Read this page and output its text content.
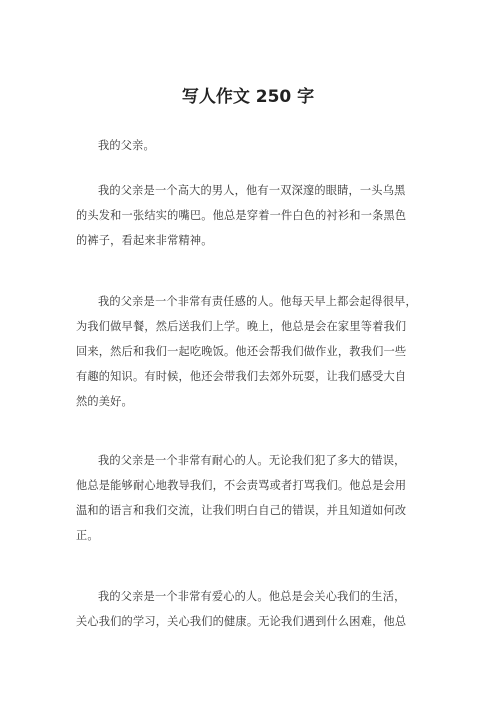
写人作文 250 字
我的父亲。
我的父亲是一个高大的男人，他有一双深邃的眼睛，一头乌黑
的头发和一张结实的嘴巴。他总是穿着一件白色的衬衫和一条黑色
的裤子，看起来非常精神。
我的父亲是一个非常有责任感的人。他每天早上都会起得很早，
为我们做早餐，然后送我们上学。晚上，他总是会在家里等着我们
回来，然后和我们一起吃晚饭。他还会帮我们做作业，教我们一些
有趣的知识。有时候，他还会带我们去郊外玩耍，让我们感受大自
然的美好。
我的父亲是一个非常有耐心的人。无论我们犯了多大的错误，
他总是能够耐心地教导我们，不会责骂或者打骂我们。他总是会用
温和的语言和我们交流，让我们明白自己的错误，并且知道如何改
正。
我的父亲是一个非常有爱心的人。他总是会关心我们的生活，
关心我们的学习，关心我们的健康。无论我们遇到什么困难，他总
